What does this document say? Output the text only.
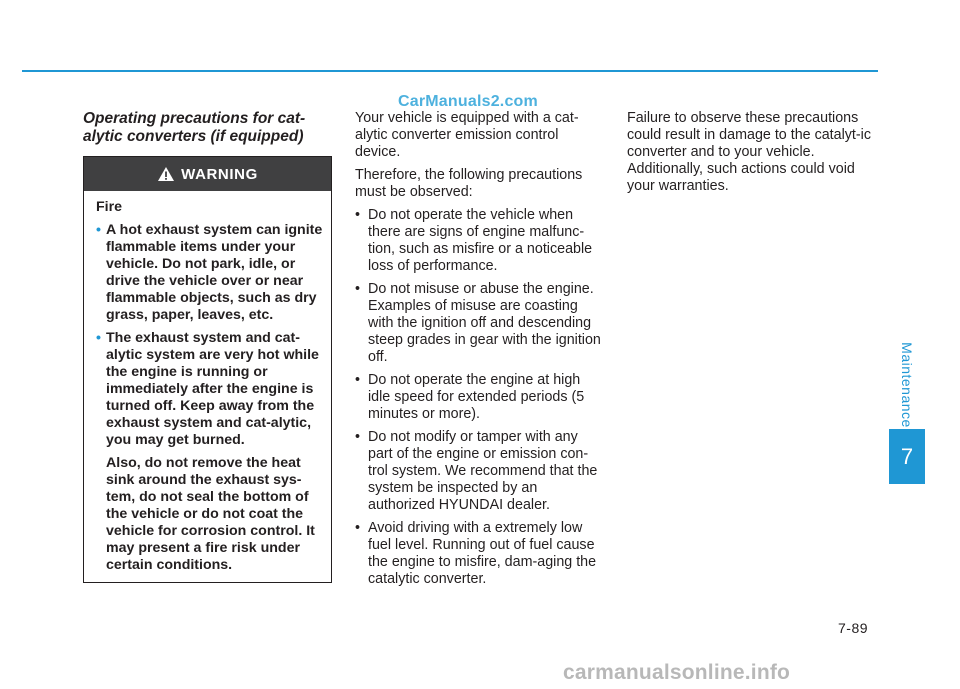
CarManuals2.com
Operating precautions for cat-alytic converters (if equipped)
WARNING

Fire

• A hot exhaust system can ignite flammable items under your vehicle. Do not park, idle, or drive the vehicle over or near flammable objects, such as dry grass, paper, leaves, etc.
• The exhaust system and cat-alytic system are very hot while the engine is running or immediately after the engine is turned off. Keep away from the exhaust system and cat-alytic, you may get burned.

Also, do not remove the heat sink around the exhaust sys-tem, do not seal the bottom of the vehicle or do not coat the vehicle for corrosion control. It may present a fire risk under certain conditions.

Your vehicle is equipped with a cat-alytic converter emission control device.

Therefore, the following precautions must be observed:

• Do not operate the vehicle when there are signs of engine malfunc-tion, such as misfire or a noticeable loss of performance.
• Do not misuse or abuse the engine. Examples of misuse are coasting with the ignition off and descending steep grades in gear with the ignition off.
• Do not operate the engine at high idle speed for extended periods (5 minutes or more).
• Do not modify or tamper with any part of the engine or emission con-trol system. We recommend that the system be inspected by an authorized HYUNDAI dealer.
• Avoid driving with a extremely low fuel level. Running out of fuel cause the engine to misfire, dam-aging the catalytic converter.

Failure to observe these precautions could result in damage to the catalyt-ic converter and to your vehicle. Additionally, such actions could void your warranties.

Maintenance
7
7-89
carmanualsonline.info
